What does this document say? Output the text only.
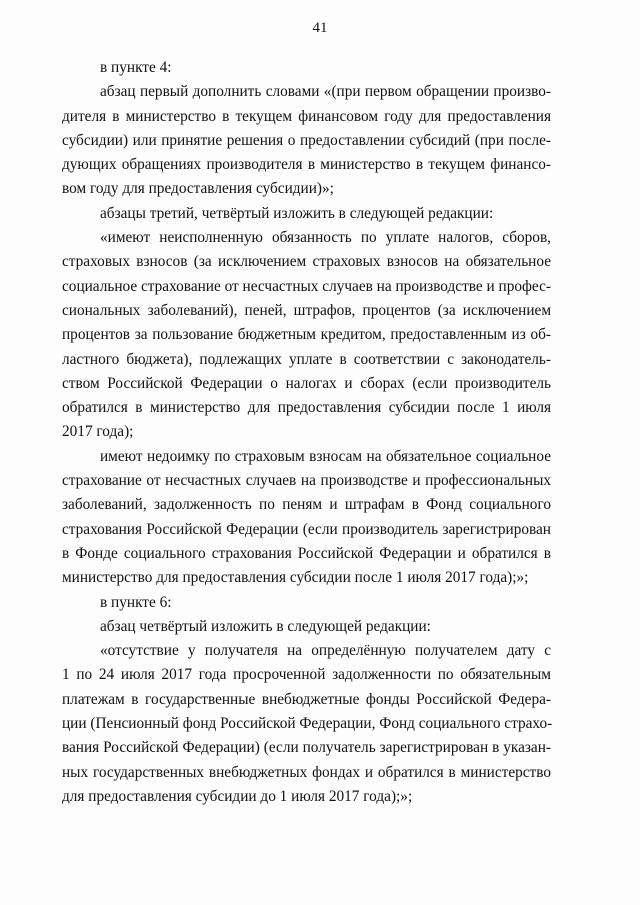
41
в пункте 4:
абзац первый дополнить словами «(при первом обращении произво-
дителя в министерство в текущем финансовом году для предоставления
субсидии) или принятие решения о предоставлении субсидий (при после-
дующих обращениях производителя в министерство в текущем финансо-
вом году для предоставления субсидии)»;
абзацы третий, четвёртый изложить в следующей редакции:
«имеют неисполненную обязанность по уплате налогов, сборов,
страховых взносов (за исключением страховых взносов на обязательное
социальное страхование от несчастных случаев на производстве и профес-
сиональных заболеваний), пеней, штрафов, процентов (за исключением
процентов за пользование бюджетным кредитом, предоставленным из об-
ластного бюджета), подлежащих уплате в соответствии с законодатель-
ством Российской Федерации о налогах и сборах (если производитель
обратился в министерство для предоставления субсидии после 1 июля
2017 года);
имеют недоимку по страховым взносам на обязательное социальное
страхование от несчастных случаев на производстве и профессиональных
заболеваний, задолженность по пеням и штрафам в Фонд социального
страхования Российской Федерации (если производитель зарегистрирован
в Фонде социального страхования Российской Федерации и обратился в
министерство для предоставления субсидии после 1 июля 2017 года);»;
в пункте 6:
абзац четвёртый изложить в следующей редакции:
«отсутствие у получателя на определённую получателем дату с
1 по 24 июля 2017 года просроченной задолженности по обязательным
платежам в государственные внебюджетные фонды Российской Федера-
ции (Пенсионный фонд Российской Федерации, Фонд социального страхо-
вания Российской Федерации) (если получатель зарегистрирован в указан-
ных государственных внебюджетных фондах и обратился в министерство
для предоставления субсидии до 1 июля 2017 года);»;
